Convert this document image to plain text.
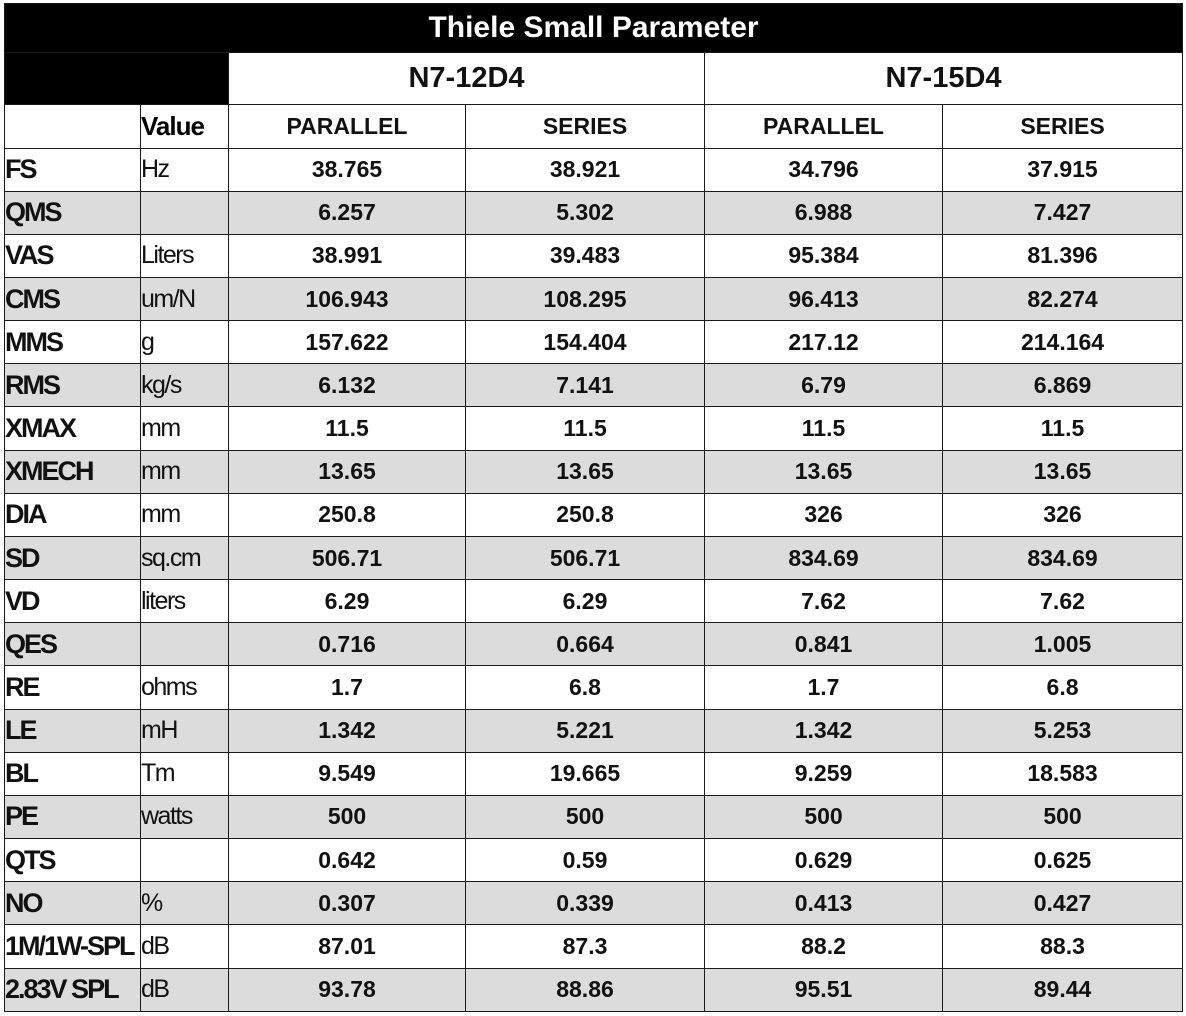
Thiele Small Parameter					
		N7-12D4		N7-15D4	
	Value	PARALLEL	SERIES	PARALLEL	SERIES
FS	Hz	38.765	38.921	34.796	37.915
QMS		6.257	5.302	6.988	7.427
VAS	Liters	38.991	39.483	95.384	81.396
CMS	um/N	106.943	108.295	96.413	82.274
MMS	g	157.622	154.404	217.12	214.164
RMS	kg/s	6.132	7.141	6.79	6.869
XMAX	mm	11.5	11.5	11.5	11.5
XMECH	mm	13.65	13.65	13.65	13.65
DIA	mm	250.8	250.8	326	326
SD	sq.cm	506.71	506.71	834.69	834.69
VD	liters	6.29	6.29	7.62	7.62
QES		0.716	0.664	0.841	1.005
RE	ohms	1.7	6.8	1.7	6.8
LE	mH	1.342	5.221	1.342	5.253
BL	Tm	9.549	19.665	9.259	18.583
PE	watts	500	500	500	500
QTS		0.642	0.59	0.629	0.625
NO	%	0.307	0.339	0.413	0.427
1M/1W-SPL	dB	87.01	87.3	88.2	88.3
2.83V SPL	dB	93.78	88.86	95.51	89.44
